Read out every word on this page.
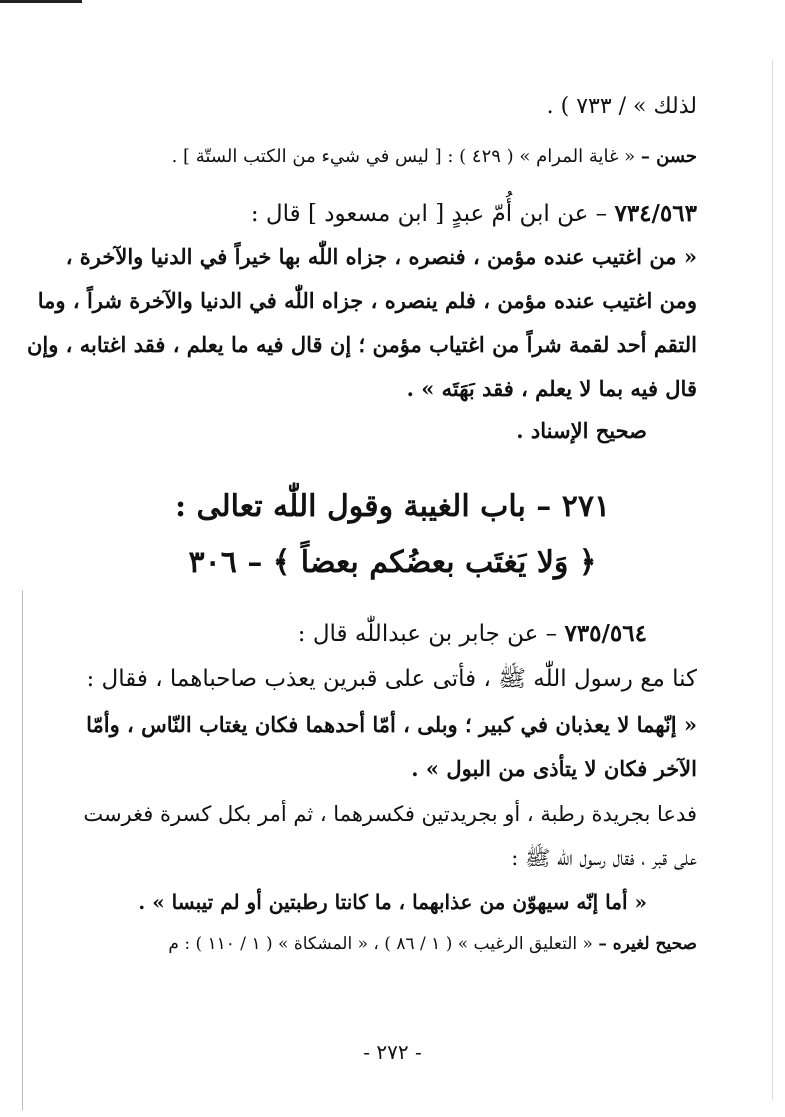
لذلك » / ٧٣٣ ) .
حسن – « غاية المرام » ( ٤٢٩ ) : [ ليس في شيء من الكتب الستّة ] .
٧٣٤/٥٦٣ – عن ابن أُمّ عبدٍ [ ابن مسعود ] قال :
« من اغتيب عنده مؤمن ، فنصره ، جزاه اللّٰه بها خيراً في الدنيا والآخرة ،
ومن اغتيب عنده مؤمن ، فلم ينصره ، جزاه اللّٰه في الدنيا والآخرة شراً ، وما
التقم أحد لقمة شراً من اغتياب مؤمن ؛ إن قال فيه ما يعلم ، فقد اغتابه ، وإن
قال فيه بما لا يعلم ، فقد بَهَتَه » .
صحيح الإسناد .
٢٧١ – باب الغيبة وقول اللّٰه تعالى :
﴿ وَلا يَغتَب بعضُكم بعضاً ﴾ – ٣٠٦
٧٣٥/٥٦٤ – عن جابر بن عبداللّٰه قال :
كنا مع رسول اللّٰه ﷺ ، فأتى على قبرين يعذب صاحباهما ، فقال :
« إنّهما لا يعذبان في كبير ؛ وبلى ، أمّا أحدهما فكان يغتاب النّاس ، وأمّا
الآخر فكان لا يتأذى من البول » .
فدعا بجريدة رطبة ، أو بجريدتين فكسرهما ، ثم أمر بكل كسرة فغرست
على قبر ، فقال رسول اللّٰه ﷺ :
« أما إنّه سيهوّن من عذابهما ، ما كانتا رطبتين أو لم تيبسا » .
صحيح لغيره – « التعليق الرغيب » ( ١ / ٨٦ ) ، « المشكاة » ( ١ / ١١٠ ) : م
- ٢٧٢ -
